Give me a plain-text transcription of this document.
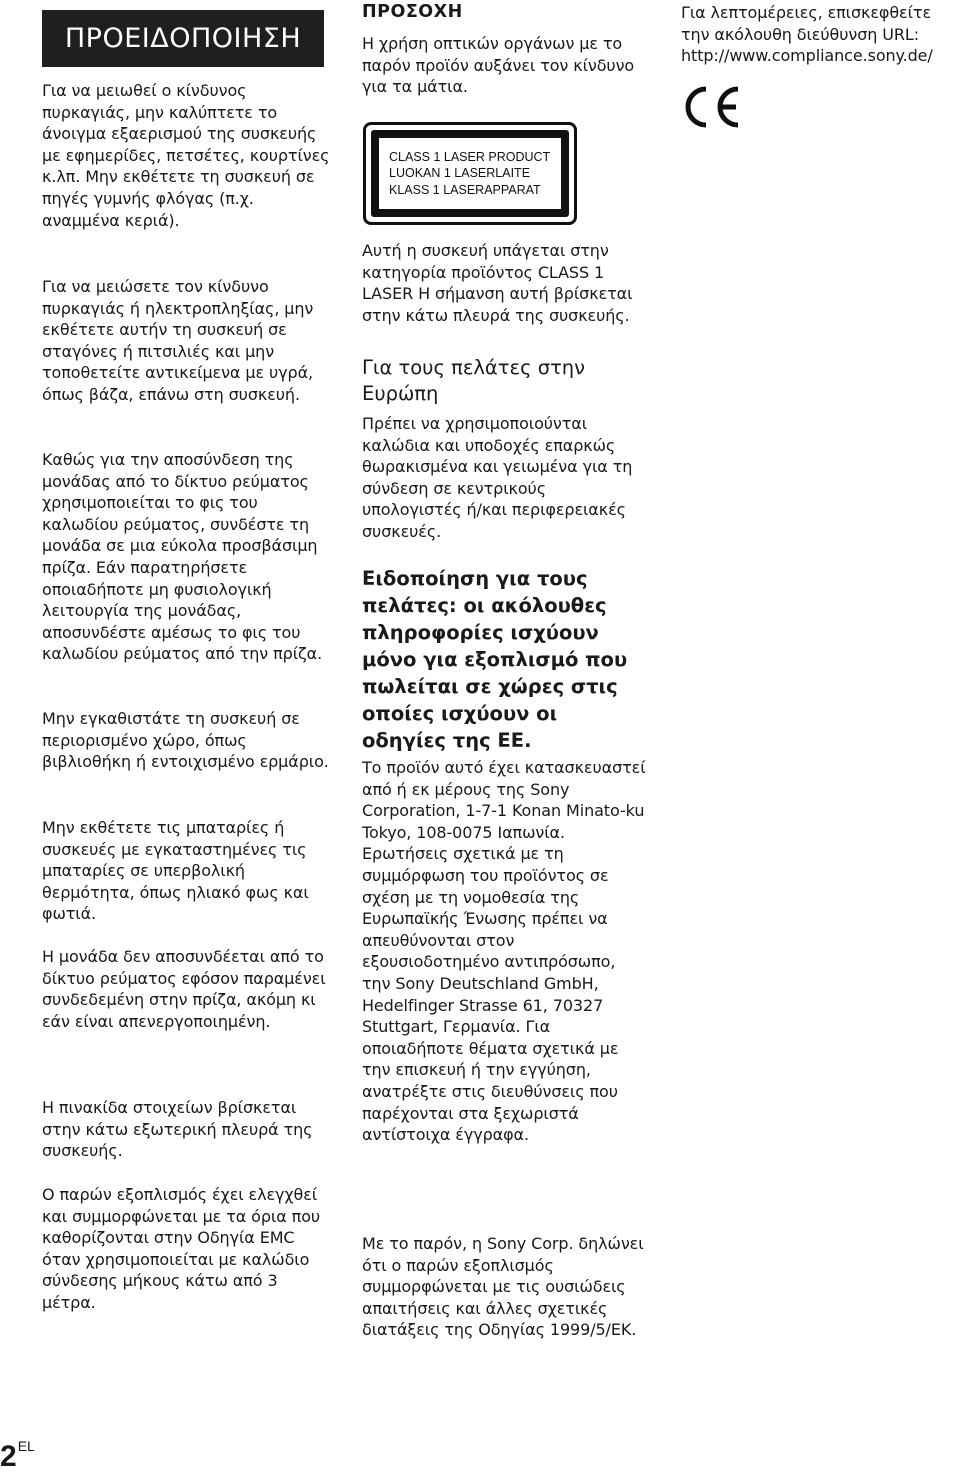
ΠΡΟΕΙΔΟΠΟΙΗΣΗ

Για να μειωθεί ο κίνδυνος πυρκαγιάς, μην καλύπτετε το άνοιγμα εξαερισμού της συσκευής με εφημερίδες, πετσέτες, κουρτίνες κ.λπ. Μην εκθέτετε τη συσκευή σε πηγές γυμνής φλόγας (π.χ. αναμμένα κεριά).

Για να μειώσετε τον κίνδυνο πυρκαγιάς ή ηλεκτροπληξίας, μην εκθέτετε αυτήν τη συσκευή σε σταγόνες ή πιτσιλιές και μην τοποθετείτε αντικείμενα με υγρά, όπως βάζα, επάνω στη συσκευή.

Καθώς για την αποσύνδεση της μονάδας από το δίκτυο ρεύματος χρησιμοποιείται το φις του καλωδίου ρεύματος, συνδέστε τη μονάδα σε μια εύκολα προσβάσιμη πρίζα. Εάν παρατηρήσετε οποιαδήποτε μη φυσιολογική λειτουργία της μονάδας, αποσυνδέστε αμέσως το φις του καλωδίου ρεύματος από την πρίζα.

Μην εγκαθιστάτε τη συσκευή σε περιορισμένο χώρο, όπως βιβλιοθήκη ή εντοιχισμένο ερμάριο.

Μην εκθέτετε τις μπαταρίες ή συσκευές με εγκαταστημένες τις μπαταρίες σε υπερβολική θερμότητα, όπως ηλιακό φως και φωτιά.

Η μονάδα δεν αποσυνδέεται από το δίκτυο ρεύματος εφόσον παραμένει συνδεδεμένη στην πρίζα, ακόμη κι εάν είναι απενεργοποιημένη.

Η πινακίδα στοιχείων βρίσκεται στην κάτω εξωτερική πλευρά της συσκευής.

Ο παρών εξοπλισμός έχει ελεγχθεί και συμμορφώνεται με τα όρια που καθορίζονται στην Οδηγία EMC όταν χρησιμοποιείται με καλώδιο σύνδεσης μήκους κάτω από 3 μέτρα.

ΠΡΟΣΟΧΗ

Η χρήση οπτικών οργάνων με το παρόν προϊόν αυξάνει τον κίνδυνο για τα μάτια.

Αυτή η συσκευή υπάγεται στην κατηγορία προϊόντος CLASS 1 LASER Η σήμανση αυτή βρίσκεται στην κάτω πλευρά της συσκευής.

Για τους πελάτες στην Ευρώπη

Πρέπει να χρησιμοποιούνται καλώδια και υποδοχές επαρκώς θωρακισμένα και γειωμένα για τη σύνδεση σε κεντρικούς υπολογιστές ή/και περιφερειακές συσκευές.

Ειδοποίηση για τους πελάτες: οι ακόλουθες πληροφορίες ισχύουν μόνο για εξοπλισμό που πωλείται σε χώρες στις οποίες ισχύουν οι οδηγίες της ΕΕ.

Το προϊόν αυτό έχει κατασκευαστεί από ή εκ μέρους της Sony Corporation, 1-7-1 Konan Minato-ku Tokyo, 108-0075 Ιαπωνία. Ερωτήσεις σχετικά με τη συμμόρφωση του προϊόντος σε σχέση με τη νομοθεσία της Ευρωπαϊκής Ένωσης πρέπει να απευθύνονται στον εξουσιοδοτημένο αντιπρόσωπο, την Sony Deutschland GmbH, Hedelfinger Strasse 61, 70327 Stuttgart, Γερμανία. Για οποιαδήποτε θέματα σχετικά με την επισκευή ή την εγγύηση, ανατρέξτε στις διευθύνσεις που παρέχονται στα ξεχωριστά αντίστοιχα έγγραφα.

Με το παρόν, η Sony Corp. δηλώνει ότι ο παρών εξοπλισμός συμμορφώνεται με τις ουσιώδεις απαιτήσεις και άλλες σχετικές διατάξεις της Οδηγίας 1999/5/ΕΚ.

CLASS 1 LASER PRODUCT
LUOKAN 1 LASERLAITE
KLASS 1 LASERAPPARAT

Για λεπτομέρειες, επισκεφθείτε την ακόλουθη διεύθυνση URL: http://www.compliance.sony.de/

$2^{EL}$
